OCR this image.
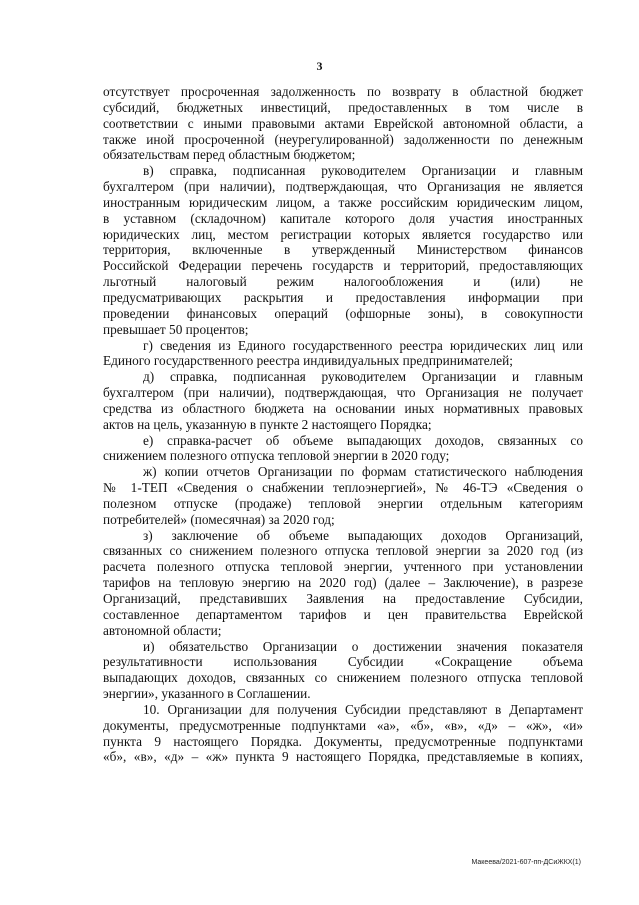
3
отсутствует просроченная задолженность по возврату в областной бюджет
субсидий, бюджетных инвестиций, предоставленных в том числе в
соответствии с иными правовыми актами Еврейской автономной области, а
также иной просроченной (неурегулированной) задолженности по денежным
обязательствам перед областным бюджетом;
в) справка, подписанная руководителем Организации и главным
бухгалтером (при наличии), подтверждающая, что Организация не является
иностранным юридическим лицом, а также российским юридическим лицом,
в уставном (складочном) капитале которого доля участия иностранных
юридических лиц, местом регистрации которых является государство или
территория, включенные в утвержденный Министерством финансов
Российской Федерации перечень государств и территорий, предоставляющих
льготный налоговый режим налогообложения и (или) не
предусматривающих раскрытия и предоставления информации при
проведении финансовых операций (офшорные зоны), в совокупности
превышает 50 процентов;
г) сведения из Единого государственного реестра юридических лиц или
Единого государственного реестра индивидуальных предпринимателей;
д) справка, подписанная руководителем Организации и главным
бухгалтером (при наличии), подтверждающая, что Организация не получает
средства из областного бюджета на основании иных нормативных правовых
актов на цель, указанную в пункте 2 настоящего Порядка;
е) справка-расчет об объеме выпадающих доходов, связанных со
снижением полезного отпуска тепловой энергии в 2020 году;
ж) копии отчетов Организации по формам статистического наблюдения
№ 1-ТЕП «Сведения о снабжении теплоэнергией», № 46-ТЭ «Сведения о
полезном отпуске (продаже) тепловой энергии отдельным категориям
потребителей» (помесячная) за 2020 год;
з) заключение об объеме выпадающих доходов Организаций,
связанных со снижением полезного отпуска тепловой энергии за 2020 год (из
расчета полезного отпуска тепловой энергии, учтенного при установлении
тарифов на тепловую энергию на 2020 год) (далее – Заключение), в разрезе
Организаций, представивших Заявления на предоставление Субсидии,
составленное департаментом тарифов и цен правительства Еврейской
автономной области;
и) обязательство Организации о достижении значения показателя
результативности использования Субсидии «Сокращение объема
выпадающих доходов, связанных со снижением полезного отпуска тепловой
энергии», указанного в Соглашении.
10. Организации для получения Субсидии представляют в Департамент
документы, предусмотренные подпунктами «а», «б», «в», «д» – «ж», «и»
пункта 9 настоящего Порядка. Документы, предусмотренные подпунктами
«б», «в», «д» – «ж» пункта 9 настоящего Порядка, представляемые в копиях,
Макеева/2021-607-пп-ДСиЖКХ(1)
